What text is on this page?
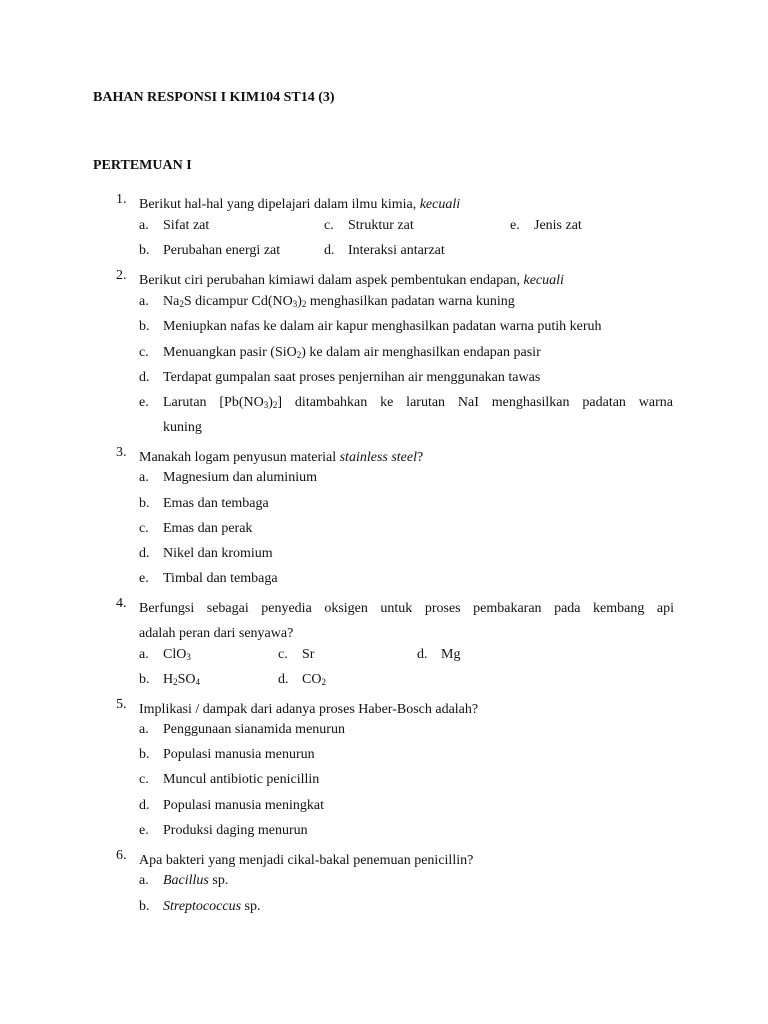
BAHAN RESPONSI I KIM104 ST14 (3)
PERTEMUAN I
1. Berikut hal-hal yang dipelajari dalam ilmu kimia, kecuali
a. Sifat zat	c. Struktur zat	e. Jenis zat
b. Perubahan energi zat	d. Interaksi antarzat
2. Berikut ciri perubahan kimiawi dalam aspek pembentukan endapan, kecuali
a. $Na_2S$ dicampur $Cd(NO_3)_2$ menghasilkan padatan warna kuning
b. Meniupkan nafas ke dalam air kapur menghasilkan padatan warna putih keruh
c. Menuangkan pasir (SiO$_2$) ke dalam air menghasilkan endapan pasir
d. Terdapat gumpalan saat proses penjernihan air menggunakan tawas
e. Larutan $[Pb(NO_3)_2]$ ditambahkan ke larutan NaI menghasilkan padatan warna
kuning
3. Manakah logam penyusun material stainless steel?
a. Magnesium dan aluminium
b. Emas dan tembaga
c. Emas dan perak
d. Nikel dan kromium
e. Timbal dan tembaga
4. Berfungsi sebagai penyedia oksigen untuk proses pembakaran pada kembang api
adalah peran dari senyawa?
a. ClO$_3$	c. Sr	d. Mg
b. $H_2SO_4$	d. $CO_2$
5. Implikasi / dampak dari adanya proses Haber-Bosch adalah?
a. Penggunaan sianamida menurun
b. Populasi manusia menurun
c. Muncul antibiotic penicillin
d. Populasi manusia meningkat
e. Produksi daging menurun
6. Apa bakteri yang menjadi cikal-bakal penemuan penicillin?
a. Bacillus sp.
b. Streptococcus sp.
